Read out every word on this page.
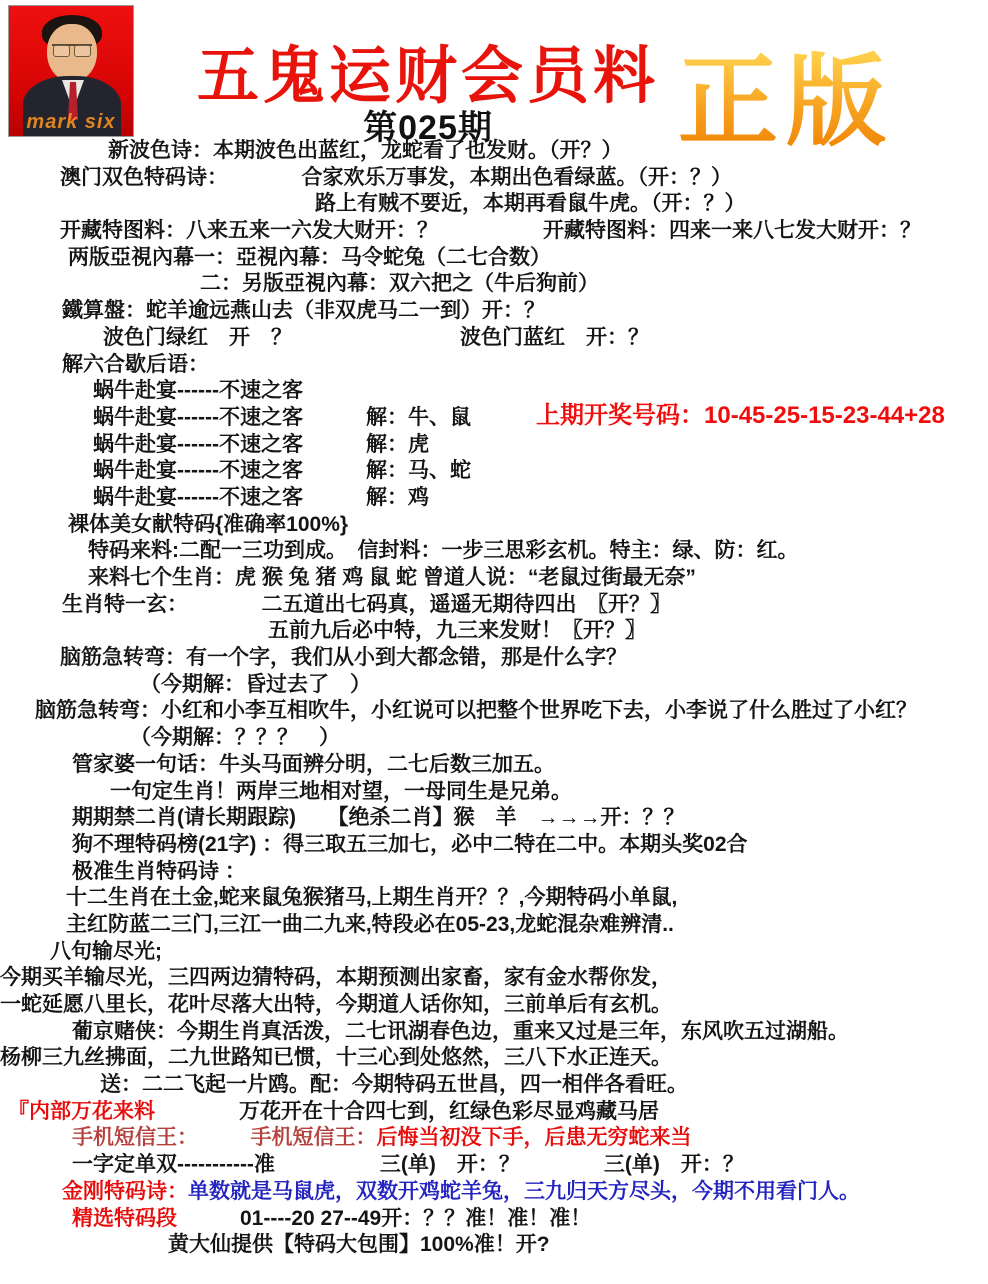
mark six
五鬼运财会员料
第025期	正版
上期开奖号码：10-45-25-15-23-44+28
新波色诗：本期波色出蓝红，龙蛇看了也发财。（开？）
澳门双色特码诗：　　　　合家欢乐万事发，本期出色看绿蓝。（开：？）
路上有贼不要近，本期再看鼠牛虎。（开：？）
开藏特图料：八来五来一六发大财开：？　　　　　开藏特图料：四来一来八七发大财开：？
两版亞視內幕一：亞視內幕：马令蛇兔（二七合数）
二：另版亞視內幕：双六把之（牛后狗前）
鐵算盤：蛇羊逾远燕山去（非双虎马二一到）开：？
波色门绿红　开　？　　　　　　　　波色门蓝红　开：？
解六合歇后语：
蜗牛赴宴------不速之客
蜗牛赴宴------不速之客　　　解：牛、鼠
蜗牛赴宴------不速之客　　　解：虎
蜗牛赴宴------不速之客　　　解：马、蛇
蜗牛赴宴------不速之客　　　解：鸡
裸体美女献特码{准确率100%}
特码来料:二配一三功到成。　信封料：一步三思彩玄机。特主：绿、防：红。
来料七个生肖：虎 猴 兔 猪 鸡 鼠 蛇 曾道人说：“老鼠过街最无奈”
生肖特一玄：　　　　二五道出七码真，遥遥无期待四出　〖开？〗
五前九后必中特，九三来发财！〖开？〗
脑筋急转弯：有一个字，我们从小到大都念错，那是什么字？
（今期解：昏过去了　）
脑筋急转弯：小红和小李互相吹牛，小红说可以把整个世界吃下去，小李说了什么胜过了小红？
（今期解：？？？　）
管家婆一句话：牛头马面辨分明，二七后数三加五。
一句定生肖！两岸三地相对望，一母同生是兄弟。
期期禁二肖(请长期跟踪)　　【绝杀二肖】猴　羊　→→→开：？？
狗不理特码榜(21字) ：得三取五三加七，必中二特在二中。本期头奖02合
极准生肖特码诗 ：
十二生肖在土金,蛇来鼠兔猴猪马,上期生肖开？？,今期特码小单鼠,
主红防蓝二三门,三江一曲二九来,特段必在05-23,龙蛇混杂难辨清..
八句输尽光;
今期买羊输尽光，三四两边猜特码，本期预测出家畜，家有金水帮你发，
一蛇延愿八里长，花叶尽落大出特，今期道人话你知，三前单后有玄机。
葡京赌侠：今期生肖真活泼，二七讯湖春色边，重来又过是三年，东风吹五过湖船。
杨柳三九丝拂面，二九世路知已惯，十三心到处悠然，三八下水正连天。
送：二二飞起一片鸥。配：今期特码五世昌，四一相伴各看旺。
『内部万花来料　　　　万花开在十合四七到，红绿色彩尽显鸡藏马居
手机短信王：　　　手机短信王：后悔当初没下手，后患无穷蛇来当
一字定单双-----------准　　　　　三(单)　开：？　　　　三(单)　开：？
金刚特码诗：单数就是马鼠虎，双数开鸡蛇羊兔，三九归天方尽头，今期不用看门人。
精选特码段　　　01----20 27--49开：？？准！准！准！
黄大仙提供【特码大包围】100%准！开?
